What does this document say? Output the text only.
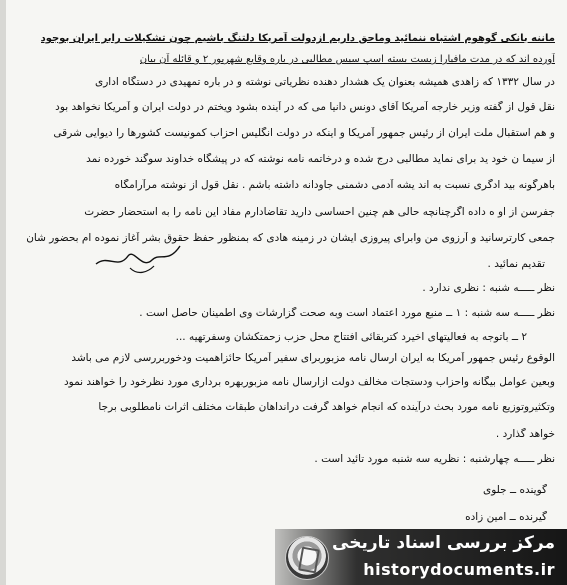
ماننه بانکی گوهوم اشتباه ننمائید وماحق داریم ازدولت آمریکا دلتنگ باشیم چون تشکیلات رابر ایران بوجود
آورده اند که در مدت مافیارا زیست بسته اسپ سیس مطالبی در باره وقایع شهریور ۲ و قائله آن بیان
در سال ۱۳۳۲ که زاهدی همیشه بعنوان یک هشدار دهنده نظریاتی نوشته و در باره تمهیدی در دستگاه اداری
نقل قول از گفته وزیر خارجه آمریکا آقای دونس دانیا می که در آینده بشود ویختم در دولت ایران و آمریکا نخواهد بود
و هم استقبال ملت ایران از رئیس جمهور آمریکا و اینکه در دولت انگلیس احزاب کمونیست کشورها را دیوایی شرقی
از سیما ن خود ید برای نماید مطالبی درج شده و درخاتمه نامه نوشته که در پیشگاه خداوند سوگند خورده نمد
باهرگونه بید ادگری نسبت به اند یشه آدمی دشمنی جاودانه داشته باشم . نقل قول از نوشته مرآرامگاه
جفرسن از او ه داده اگرچنانچه حالی هم چنین احساسی دارید تقاضادارم مفاد این نامه را به استحضار حضرت
جمعی کارترسانید و آرزوی من وابرای پیروزی ایشان در زمینه هادی که بمنظور حفظ حقوق بشر آغاز نموده ام بحضور شان
تقدیم نمائید .
نظر ـــــه شنبه : نظری ندارد .
نظر ـــــه سه شنبه : ۱ ــ منبع مورد اعتماد است وبه صحت گزارشات وی اطمینان حاصل است .
۲ ــ باتوجه به فعالیتهای اخیرد کتربقائی افتتاح محل حزب زحمتکشان وسفرتهیه ...
الوقوع رئیس جمهور آمریکا به ایران ارسال نامه مزبوربرای سفیر آمریکا حائزاهمیت ودخوربررسی لازم می باشد
وبعین عوامل بیگانه واحزاب ودستجات مخالف دولت ازارسال نامه مزبوربهره برداری مورد نظرخود را خواهند نمود
وتکثیروتوزیع نامه مورد بحث درآینده که انجام خواهد گرفت درانداهان طبقات مختلف اثرات نامطلوبی برجا
خواهد گذارد .
نظر ـــــه چهارشنبه : نظریه سه شنبه مورد تائید است .
گوینده ــ جلوی
گیرنده ــ امین زاده
مرکز بررسی اسناد تاریخی
historydocuments.ir
